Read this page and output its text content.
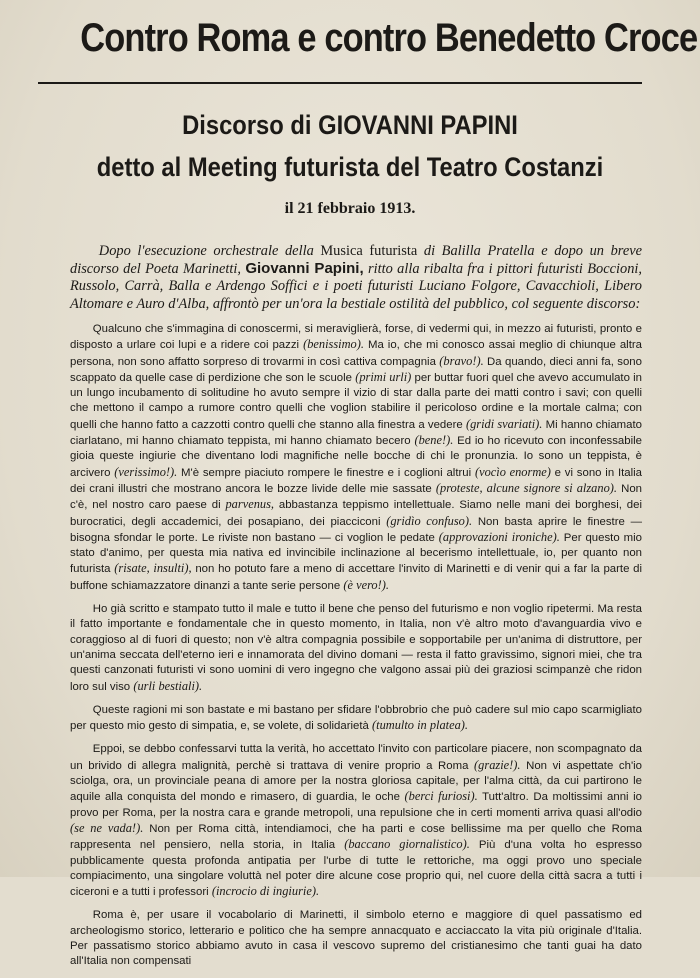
Contro Roma e contro Benedetto Croce
Discorso di GIOVANNI PAPINI
detto al Meeting futurista del Teatro Costanzi
il 21 febbraio 1913.
Dopo l'esecuzione orchestrale della Musica futurista di Balilla Pratella e dopo un breve discorso del Poeta Marinetti, Giovanni Papini, ritto alla ribalta fra i pittori futuristi Boccioni, Russolo, Carrà, Balla e Ardengo Soffici e i poeti futuristi Luciano Folgore, Cavacchioli, Libero Altomare e Auro d'Alba, affrontò per un'ora la bestiale ostilità del pubblico, col seguente discorso:

Qualcuno che s'immagina di conoscermi, si meraviglierà, forse, di vedermi qui, in mezzo ai futuristi, pronto e disposto a urlare coi lupi e a ridere coi pazzi (benissimo). Ma io, che mi conosco assai meglio di chiunque altra persona, non sono affatto sorpreso di trovarmi in così cattiva compagnia (bravo!). Da quando, dieci anni fa, sono scappato da quelle case di perdizione che son le scuole (primi urli) per buttar fuori quel che avevo accumulato in un lungo incubamento di solitudine ho avuto sempre il vizio di star dalla parte dei matti contro i savi; con quelli che mettono il campo a rumore contro quelli che voglion stabilire il pericoloso ordine e la mortale calma; con quelli che hanno fatto a cazzotti contro quelli che stanno alla finestra a vedere (gridi svariati). Mi hanno chiamato ciarlatano, mi hanno chiamato teppista, mi hanno chiamato becero (bene!). Ed io ho ricevuto con inconfessabile gioia queste ingiurie che diventano lodi magnifiche nelle bocche di chi le pronunzia. Io sono un teppista, è arcivero (verissimo!). M'è sempre piaciuto rompere le finestre e i coglioni altrui (vocìo enorme) e vi sono in Italia dei crani illustri che mostrano ancora le bozze livide delle mie sassate (proteste, alcune signore si alzano). Non c'è, nel nostro caro paese di parvenus, abbastanza teppismo intellettuale. Siamo nelle mani dei borghesi, dei burocratici, degli accademici, dei posapiano, dei piacciconi (gridìo confuso). Non basta aprire le finestre — bisogna sfondar le porte. Le riviste non bastano — ci voglion le pedate (approvazioni ironiche). Per questo mio stato d'animo, per questa mia nativa ed invincibile inclinazione al becerismo intellettuale, io, per quanto non futurista (risate, insulti), non ho potuto fare a meno di accettare l'invito di Marinetti e di venir qui a far la parte di buffone schiamazzatore dinanzi a tante serie persone (è vero!).

Ho già scritto e stampato tutto il male e tutto il bene che penso del futurismo e non voglio ripetermi. Ma resta il fatto importante e fondamentale che in questo momento, in Italia, non v'è altro moto d'avanguardia vivo e coraggioso al di fuori di questo; non v'è altra compagnia possibile e sopportabile per un'anima di distruttore, per un'anima seccata dell'eterno ieri e innamorata del divino domani — resta il fatto gravissimo, signori miei, che tra questi canzonati futuristi vi sono uomini di vero ingegno che valgono assai più dei graziosi scimpanzè che ridon loro sul viso (urli bestiali).

Queste ragioni mi son bastate e mi bastano per sfidare l'obbrobrio che può cadere sul mio capo scarmigliato per questo mio gesto di simpatia, e, se volete, di solidarietà (tumulto in platea).

Eppoi, se debbo confessarvi tutta la verità, ho accettato l'invito con particolare piacere, non scompagnato da un brivido di allegra malignità, perchè si trattava di venire proprio a Roma (grazie!). Non vi aspettate ch'io sciolga, ora, un provinciale peana di amore per la nostra gloriosa capitale, per l'alma città, da cui partirono le aquile alla conquista del mondo e rimasero, di guardia, le oche (berci furiosi). Tutt'altro. Da moltissimi anni io provo per Roma, per la nostra cara e grande metropoli, una repulsione che in certi momenti arriva quasi all'odio (se ne vada!). Non per Roma città, intendiamoci, che ha parti e cose bellissime ma per quello che Roma rappresenta nel pensiero, nella storia, in Italia (baccano giornalistico). Più d'una volta ho espresso pubblicamente questa profonda antipatia per l'urbe di tutte le rettoriche, ma oggi provo uno speciale compiacimento, una singolare voluttà nel poter dire alcune cose proprio qui, nel cuore della città sacra a tutti i ciceroni e a tutti i professori (incrocio di ingiurie).

Roma è, per usare il vocabolario di Marinetti, il simbolo eterno e maggiore di quel passatismo ed archeologismo storico, letterario e politico che ha sempre annacquato e acciaccato la vita più originale d'Italia. Per passatismo storico abbiamo avuto in casa il vescovo supremo del cristianesimo che tanti guai ha dato all'Italia non compensati
